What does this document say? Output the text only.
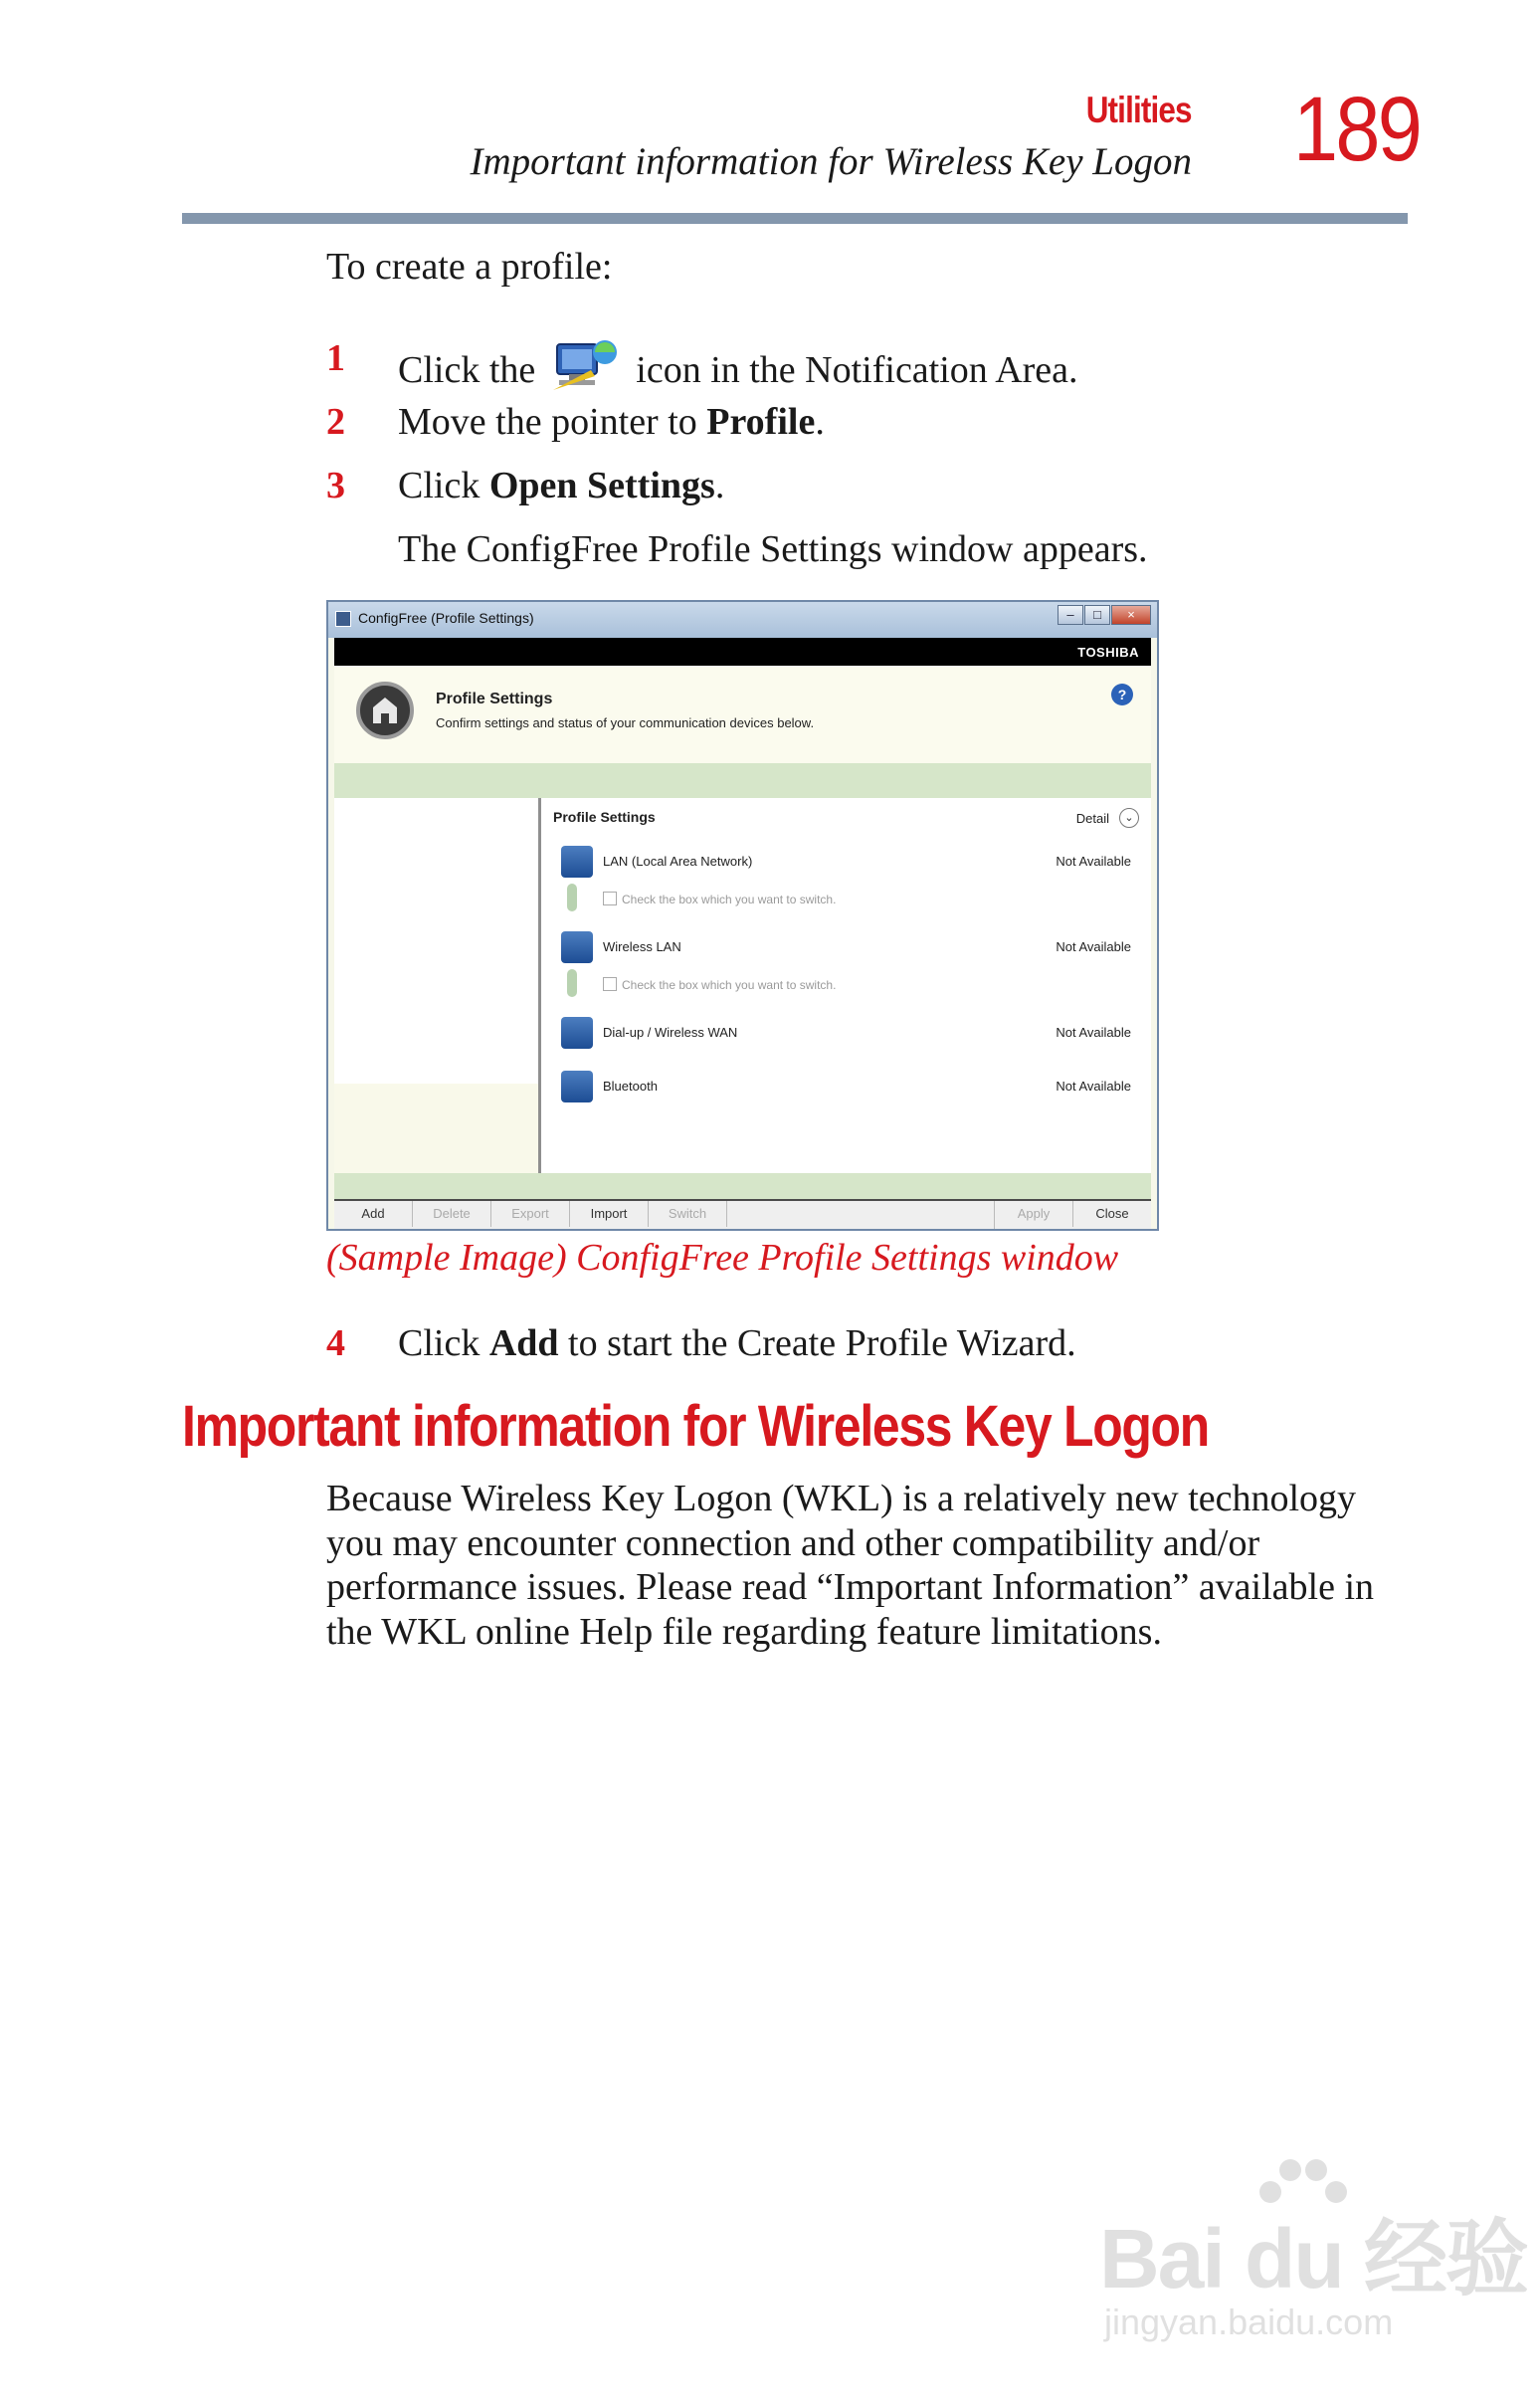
Utilities
Important information for Wireless Key Logon 189
To create a profile:
1 Click the	icon in the Notification Area.
2 Move the pointer to Profile.
3 Click Open Settings.
The ConfigFree Profile Settings window appears.
ConfigFree (Profile Settings)	–	□	×
TOSHIBA
Profile Settings
Confirm settings and status of your communication devices below.
?
Profile Settings	Detail	⌄
LAN (Local Area Network)	Not Available
Check the box which you want to switch.
Wireless LAN	Not Available
Check the box which you want to switch.
Dial-up / Wireless WAN	Not Available
Bluetooth	Not Available
Add	Delete	Export	Import	Switch	Apply	Close
(Sample Image) ConfigFree Profile Settings window
4 Click Add to start the Create Profile Wizard.
Important information for Wireless Key Logon
Because Wireless Key Logon (WKL) is a relatively new technology you may encounter connection and other compatibility and/or performance issues. Please read “Important Information” available in the WKL online Help file regarding feature limitations.
Bai du 经验
jingyan.baidu.com
